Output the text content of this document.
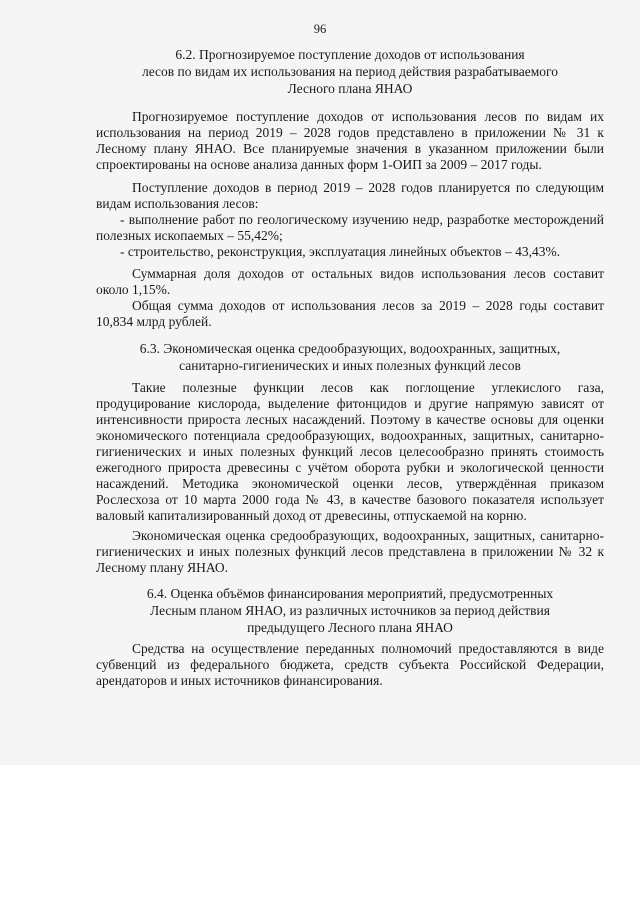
96
6.2. Прогнозируемое поступление доходов от использования
лесов по видам их использования на период действия разрабатываемого
Лесного плана ЯНАО

Прогнозируемое поступление доходов от использования лесов по видам их использования на период 2019 – 2028 годов представлено в приложении № 31 к Лесному плану ЯНАО. Все планируемые значения в указанном приложении были спроектированы на основе анализа данных форм 1-ОИП за 2009 – 2017 годы.

Поступление доходов в период 2019 – 2028 годов планируется по следующим видам использования лесов:

- выполнение работ по геологическому изучению недр, разработке месторождений полезных ископаемых – 55,42%;

- строительство, реконструкция, эксплуатация линейных объектов – 43,43%.

Суммарная доля доходов от остальных видов использования лесов составит около 1,15%.

Общая сумма доходов от использования лесов за 2019 – 2028 годы составит 10,834 млрд рублей.

6.3. Экономическая оценка средообразующих, водоохранных, защитных,
санитарно-гигиенических и иных полезных функций лесов

Такие полезные функции лесов как поглощение углекислого газа, продуцирование кислорода, выделение фитонцидов и другие напрямую зависят от интенсивности прироста лесных насаждений. Поэтому в качестве основы для оценки экономического потенциала средообразующих, водоохранных, защитных, санитарно-гигиенических и иных полезных функций лесов целесообразно принять стоимость ежегодного прироста древесины с учётом оборота рубки и экологической ценности насаждений. Методика экономической оценки лесов, утверждённая приказом Рослесхоза от 10 марта 2000 года № 43, в качестве базового показателя использует валовый капитализированный доход от древесины, отпускаемой на корню.

Экономическая оценка средообразующих, водоохранных, защитных, санитарно-гигиенических и иных полезных функций лесов представлена в приложении № 32 к Лесному плану ЯНАО.

6.4. Оценка объёмов финансирования мероприятий, предусмотренных
Лесным планом ЯНАО, из различных источников за период действия
предыдущего Лесного плана ЯНАО

Средства на осуществление переданных полномочий предоставляются в виде субвенций из федерального бюджета, средств субъекта Российской Федерации, арендаторов и иных источников финансирования.
